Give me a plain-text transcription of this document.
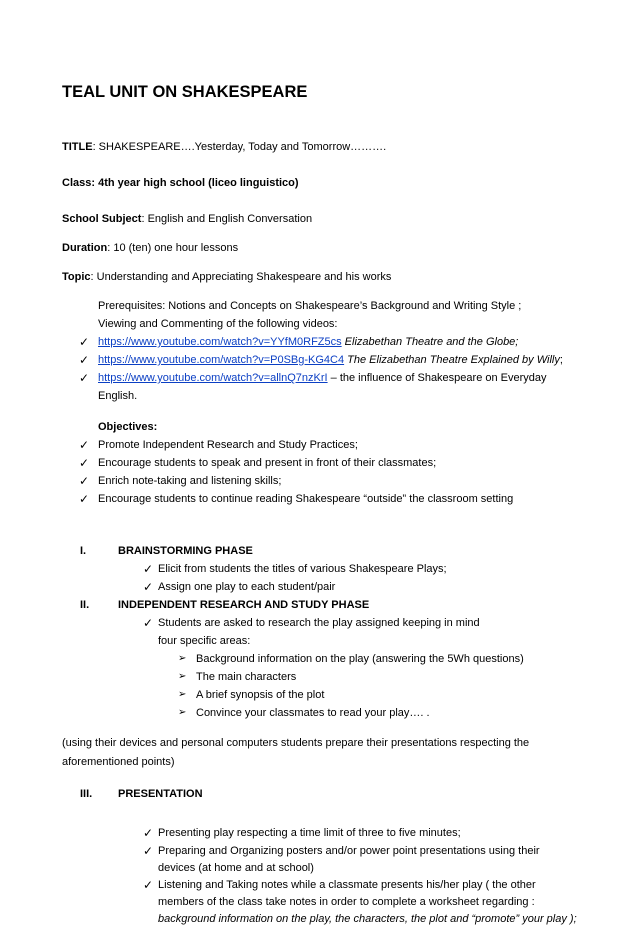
TEAL UNIT ON SHAKESPEARE
TITLE: SHAKESPEARE….Yesterday, Today and Tomorrow……….
Class: 4th year high school (liceo linguistico)
School Subject: English and English Conversation
Duration: 10 (ten) one hour lessons
Topic: Understanding and Appreciating Shakespeare and his works
Prerequisites: Notions and Concepts on Shakespeare’s Background and Writing Style ;
Viewing and Commenting of the following videos:
✓ https://www.youtube.com/watch?v=YYfM0RFZ5cs Elizabethan Theatre and the Globe;
✓ https://www.youtube.com/watch?v=P0SBg-KG4C4 The Elizabethan Theatre Explained by Willy;
✓ https://www.youtube.com/watch?v=allnQ7nzKrI – the influence of Shakespeare on Everyday
English.
Objectives:
✓ Promote Independent Research and Study Practices;
✓ Encourage students to speak and present in front of their classmates;
✓ Enrich note-taking and listening skills;
✓ Encourage students to continue reading Shakespeare “outside” the classroom setting
I.	BRAINSTORMING PHASE
✓ Elicit from students the titles of various Shakespeare Plays;
✓ Assign one play to each student/pair
II.	INDEPENDENT RESEARCH AND STUDY PHASE
✓ Students are asked to research the play assigned keeping in mind
four specific areas:
➢ Background information on the play (answering the 5Wh questions)
➢ The main characters
➢ A brief synopsis of the plot
➢ Convince your classmates to read your play…. .
(using their devices and personal computers students prepare their presentations respecting the
aforementioned points)
III. PRESENTATION
✓ Presenting play respecting a time limit of three to five minutes;
✓ Preparing and Organizing posters and/or power point presentations using their
devices (at home and at school)
✓ Listening and Taking notes while a classmate presents his/her play ( the other
members of the class take notes in order to complete a worksheet regarding :
background information on the play, the characters, the plot and “promote” your play );
